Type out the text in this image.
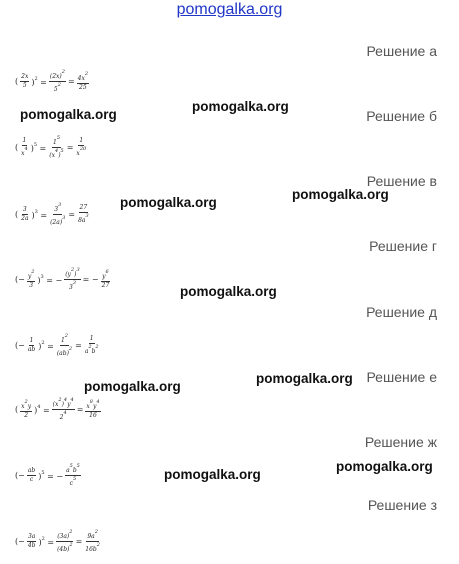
pomogalka.org
Решение а
Решение б
Решение в
Решение г
Решение д
Решение е
Решение ж
Решение з
pomogalka.org
pomogalka.org
pomogalka.org
pomogalka.org
pomogalka.org
pomogalka.org
pomogalka.org
pomogalka.org
pomogalka.org
( $\frac{2x}{5} )^2 = \frac{(2x)^2}{5^2} = \frac{4x^2}{25}$
( $\frac{1}{x^4} )^5 = \frac{1^5}{(x^4)^5} = \frac{1}{x^{20}}$
( $\frac{3}{2a} )^3 = \frac{3^3}{(2a)^3} = \frac{27}{8a^3}$
(− $\frac{y^2}{3} )^3$ = − $\frac{(y^2)^3}{3^3}$ = − $\frac{y^6}{27}$
(− $\frac{1}{ab} )^2 = \frac{1^2}{(ab)^2} = \frac{1}{a^2b^2}$
( $\frac{x^2y}{2} )^4 = \frac{(x^2)^4y^4}{2^4} = \frac{x^8y^4}{16}$
(− $\frac{ab}{c} )^5$ = − $\frac{a^5b^5}{c^5}$
(− $\frac{3a}{4b} )^2 = \frac{(3a)^2}{(4b)^2} = \frac{9a^2}{16b^2}$
